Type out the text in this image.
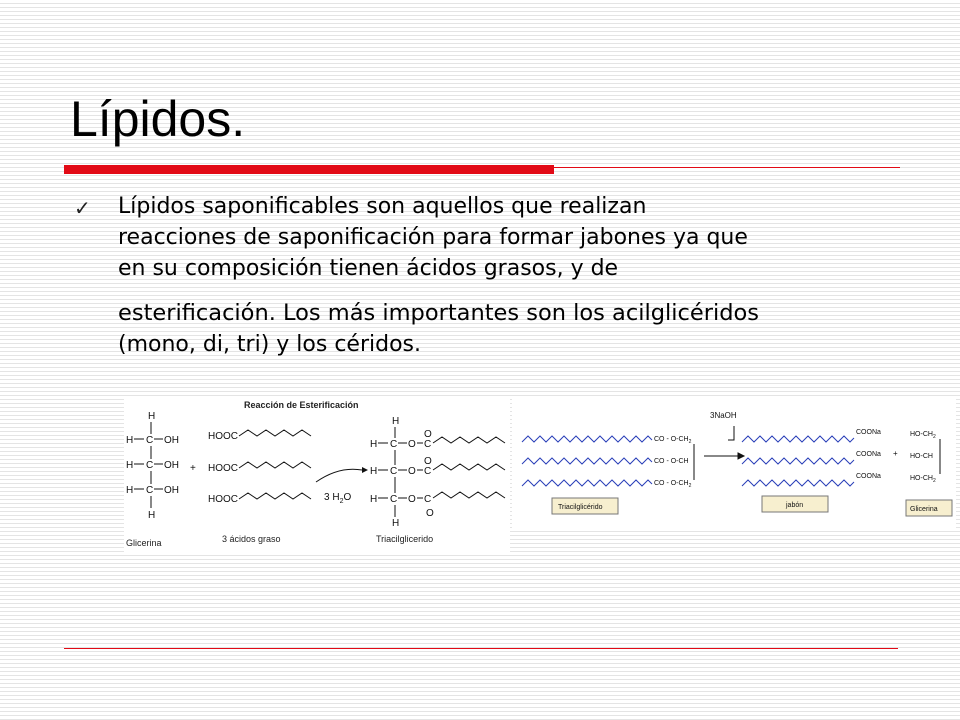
Lípidos.
✓ Lípidos saponificables son aquellos que realizan
reacciones de saponificación para formar jabones ya que
en su composición tienen ácidos grasos, y de
esterificación. Los más importantes son los acilglicéridos
(mono, di, tri) y los céridos.

Reacción de Esterificación
H
H C OH
H C OH
H C OH
H
Glicerina
+
HOOC
HOOC
HOOC
3 ácidos graso
3 $H_2O$
H
H C O C
O
H C O C
O
H C O C
O
H
Triacilglicerido
CO - $O-CH_2$
CO - O-CH
CO - $O-CH_2$
3NaOH
COONa
COONa
COONa
+
Triacilglicérido	jabón
$HO-CH_2$
HO-CH
$HO-CH_2$
Glicerina
